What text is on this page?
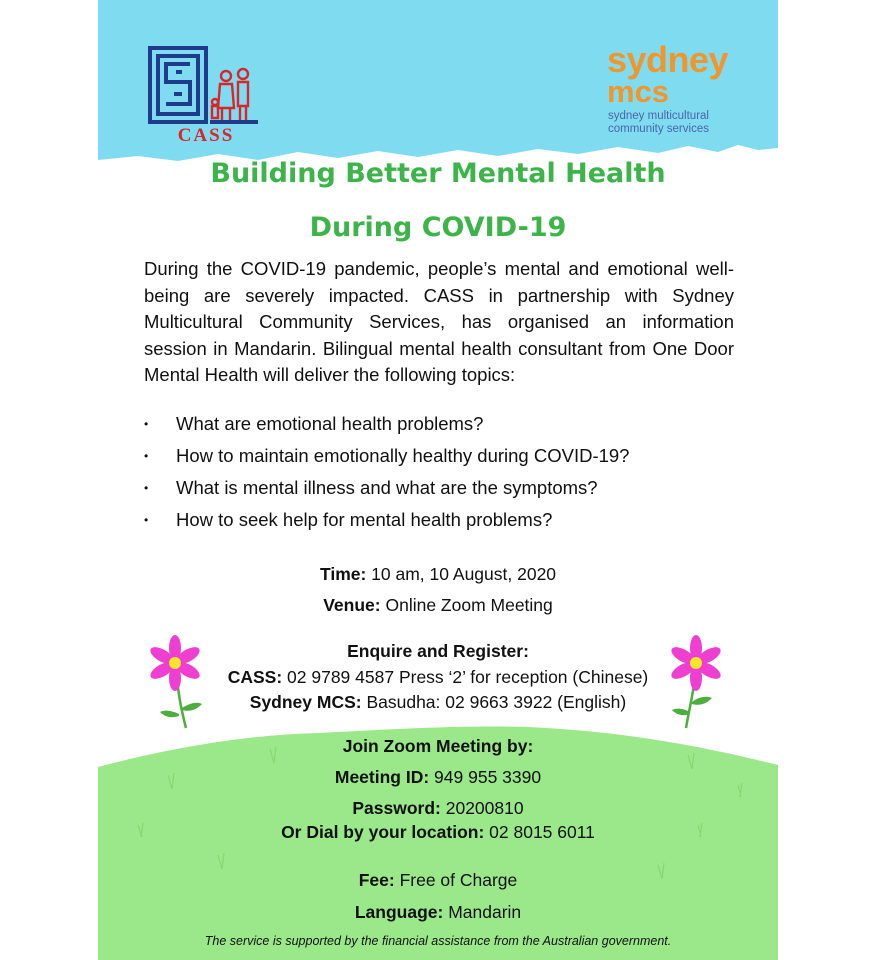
CASS
sydney
mcs
sydney multicultural
community services
Building Better Mental Health
During COVID-19
During the COVID-19 pandemic, people’s mental and emotional well-being are severely impacted. CASS in partnership with Sydney Multicultural Community Services, has organised an information session in Mandarin. Bilingual mental health consultant from One Door Mental Health will deliver the following topics:
•	What are emotional health problems?
•	How to maintain emotionally healthy during COVID-19?
•	What is mental illness and what are the symptoms?
•	How to seek help for mental health problems?
Time: 10 am, 10 August, 2020
Venue: Online Zoom Meeting
Enquire and Register:
CASS: 02 9789 4587 Press ‘2’ for reception (Chinese)
Sydney MCS: Basudha: 02 9663 3922 (English)
Join Zoom Meeting by:
Meeting ID: 949 955 3390
Password: 20200810
Or Dial by your location: 02 8015 6011
Fee: Free of Charge
Language: Mandarin
The service is supported by the financial assistance from the Australian government.
